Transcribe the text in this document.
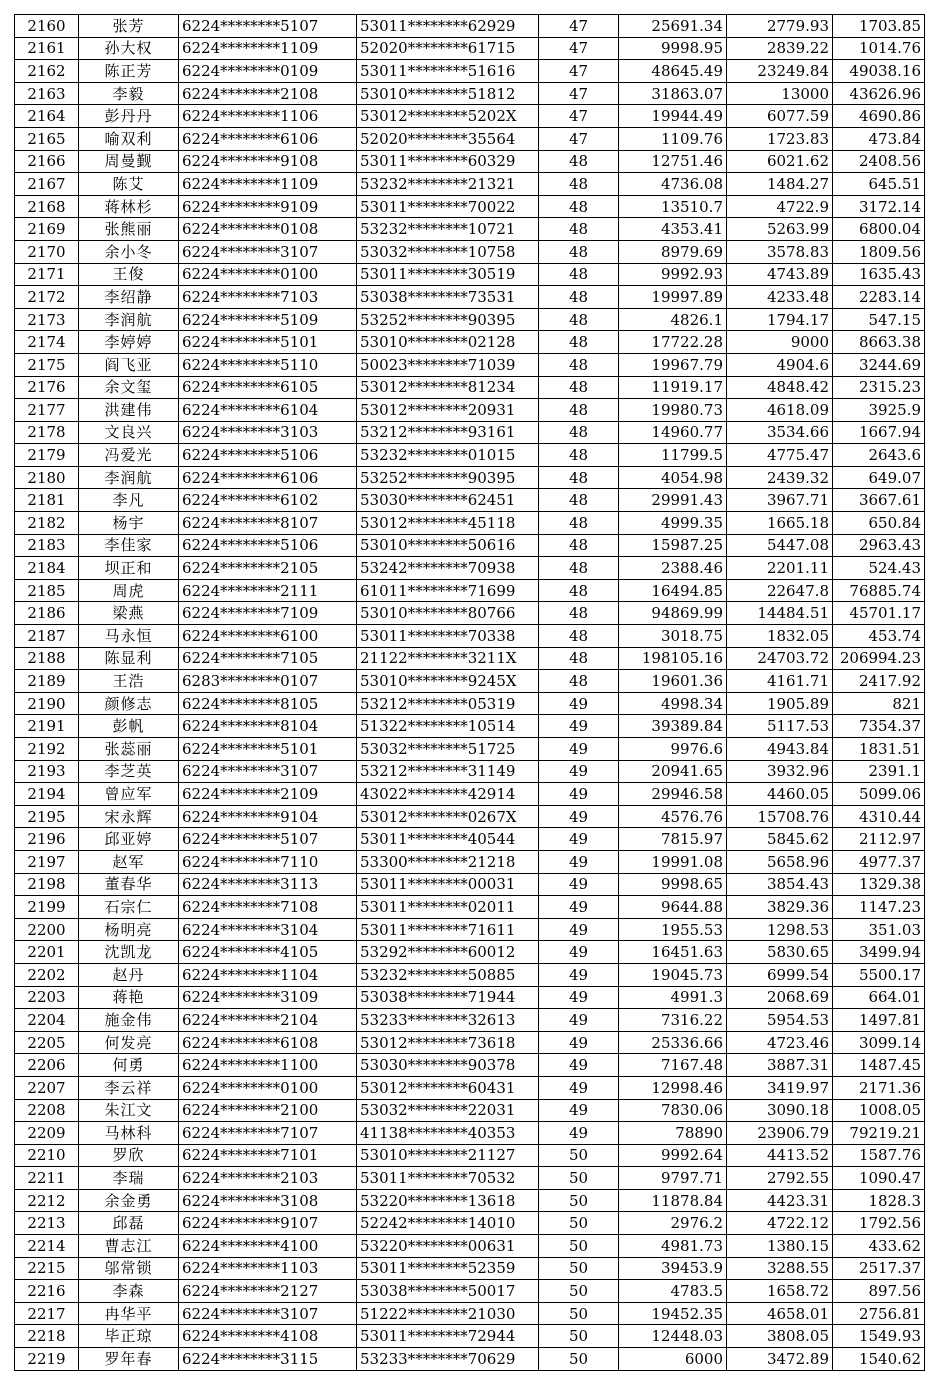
2160	张芳	6224********5107	53011********62929	47	25691.34	2779.93	1703.85
2161	孙大权	6224********1109	52020********61715	47	9998.95	2839.22	1014.76
2162	陈正芳	6224********0109	53011********51616	47	48645.49	23249.84	49038.16
2163	李毅	6224********2108	53010********51812	47	31863.07	13000	43626.96
2164	彭丹丹	6224********1106	53012********5202X	47	19944.49	6077.59	4690.86
2165	喻双利	6224********6106	52020********35564	47	1109.76	1723.83	473.84
2166	周曼觐	6224********9108	53011********60329	48	12751.46	6021.62	2408.56
2167	陈艾	6224********1109	53232********21321	48	4736.08	1484.27	645.51
2168	蒋林杉	6224********9109	53011********70022	48	13510.7	4722.9	3172.14
2169	张熊丽	6224********0108	53232********10721	48	4353.41	5263.99	6800.04
2170	余小冬	6224********3107	53032********10758	48	8979.69	3578.83	1809.56
2171	王俊	6224********0100	53011********30519	48	9992.93	4743.89	1635.43
2172	李绍静	6224********7103	53038********73531	48	19997.89	4233.48	2283.14
2173	李润航	6224********5109	53252********90395	48	4826.1	1794.17	547.15
2174	李婷婷	6224********5101	53010********02128	48	17722.28	9000	8663.38
2175	阎飞亚	6224********5110	50023********71039	48	19967.79	4904.6	3244.69
2176	余文玺	6224********6105	53012********81234	48	11919.17	4848.42	2315.23
2177	洪建伟	6224********6104	53012********20931	48	19980.73	4618.09	3925.9
2178	文良兴	6224********3103	53212********93161	48	14960.77	3534.66	1667.94
2179	冯爱光	6224********5106	53232********01015	48	11799.5	4775.47	2643.6
2180	李润航	6224********6106	53252********90395	48	4054.98	2439.32	649.07
2181	李凡	6224********6102	53030********62451	48	29991.43	3967.71	3667.61
2182	杨宇	6224********8107	53012********45118	48	4999.35	1665.18	650.84
2183	李佳家	6224********5106	53010********50616	48	15987.25	5447.08	2963.43
2184	坝正和	6224********2105	53242********70938	48	2388.46	2201.11	524.43
2185	周虎	6224********2111	61011********71699	48	16494.85	22647.8	76885.74
2186	梁燕	6224********7109	53010********80766	48	94869.99	14484.51	45701.17
2187	马永恒	6224********6100	53011********70338	48	3018.75	1832.05	453.74
2188	陈显利	6224********7105	21122********3211X	48	198105.16	24703.72	206994.23
2189	王浩	6283********0107	53010********9245X	48	19601.36	4161.71	2417.92
2190	颜修志	6224********8105	53212********05319	49	4998.34	1905.89	821
2191	彭帆	6224********8104	51322********10514	49	39389.84	5117.53	7354.37
2192	张蕊丽	6224********5101	53032********51725	49	9976.6	4943.84	1831.51
2193	李芝英	6224********3107	53212********31149	49	20941.65	3932.96	2391.1
2194	曾应军	6224********2109	43022********42914	49	29946.58	4460.05	5099.06
2195	宋永辉	6224********9104	53012********0267X	49	4576.76	15708.76	4310.44
2196	邱亚婷	6224********5107	53011********40544	49	7815.97	5845.62	2112.97
2197	赵军	6224********7110	53300********21218	49	19991.08	5658.96	4977.37
2198	董春华	6224********3113	53011********00031	49	9998.65	3854.43	1329.38
2199	石宗仁	6224********7108	53011********02011	49	9644.88	3829.36	1147.23
2200	杨明亮	6224********3104	53011********71611	49	1955.53	1298.53	351.03
2201	沈凯龙	6224********4105	53292********60012	49	16451.63	5830.65	3499.94
2202	赵丹	6224********1104	53232********50885	49	19045.73	6999.54	5500.17
2203	蒋艳	6224********3109	53038********71944	49	4991.3	2068.69	664.01
2204	施金伟	6224********2104	53233********32613	49	7316.22	5954.53	1497.81
2205	何发亮	6224********6108	53012********73618	49	25336.66	4723.46	3099.14
2206	何勇	6224********1100	53030********90378	49	7167.48	3887.31	1487.45
2207	李云祥	6224********0100	53012********60431	49	12998.46	3419.97	2171.36
2208	朱江文	6224********2100	53032********22031	49	7830.06	3090.18	1008.05
2209	马林科	6224********7107	41138********40353	49	78890	23906.79	79219.21
2210	罗欣	6224********7101	53010********21127	50	9992.64	4413.52	1587.76
2211	李瑞	6224********2103	53011********70532	50	9797.71	2792.55	1090.47
2212	余金勇	6224********3108	53220********13618	50	11878.84	4423.31	1828.3
2213	邱磊	6224********9107	52242********14010	50	2976.2	4722.12	1792.56
2214	曹志江	6224********4100	53220********00631	50	4981.73	1380.15	433.62
2215	邬常锁	6224********1103	53011********52359	50	39453.9	3288.55	2517.37
2216	李森	6224********2127	53038********50017	50	4783.5	1658.72	897.56
2217	冉华平	6224********3107	51222********21030	50	19452.35	4658.01	2756.81
2218	毕正琼	6224********4108	53011********72944	50	12448.03	3808.05	1549.93
2219	罗年春	6224********3115	53233********70629	50	6000	3472.89	1540.62
